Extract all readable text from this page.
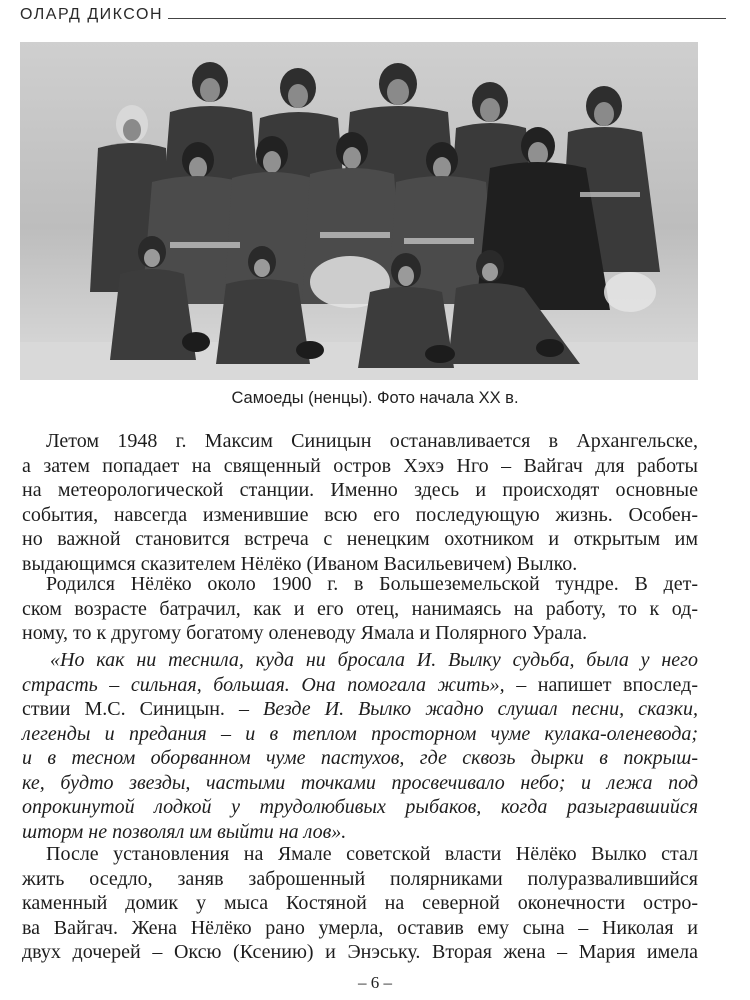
ОЛАРД ДИКСОН
Самоеды (ненцы). Фото начала XX в.

Летом 1948 г. Максим Синицын останавливается в Архангельске,
а затем попадает на священный остров Хэхэ Нго – Вайгач для работы
на метеорологической станции. Именно здесь и происходят основные
события, навсегда изменившие всю его последующую жизнь. Особен-
но важной становится встреча с ненецким охотником и открытым им
выдающимся сказителем Нёлёко (Иваном Васильевичем) Вылко.

Родился Нёлёко около 1900 г. в Большеземельской тундре. В дет-
ском возрасте батрачил, как и его отец, нанимаясь на работу, то к од-
ному, то к другому богатому оленеводу Ямала и Полярного Урала.

«Но как ни теснила, куда ни бросала И. Вылку судьба, была у него
страсть – сильная, большая. Она помогала жить», – напишет впослед-
ствии М.С. Синицын. – Везде И. Вылко жадно слушал песни, сказки,
легенды и предания – и в теплом просторном чуме кулака-оленевода;
и в тесном оборванном чуме пастухов, где сквозь дырки в покрыш-
ке, будто звезды, частыми точками просвечивало небо; и лежа под
опрокинутой лодкой у трудолюбивых рыбаков, когда разыгравшийся
шторм не позволял им выйти на лов».

После установления на Ямале советской власти Нёлёко Вылко стал
жить оседло, заняв заброшенный полярниками полуразвалившийся
каменный домик у мыса Костяной на северной оконечности остро-
ва Вайгач. Жена Нёлёко рано умерла, оставив ему сына – Николая и
двух дочерей – Оксю (Ксению) и Энэську. Вторая жена – Мария имела

– 6 –
